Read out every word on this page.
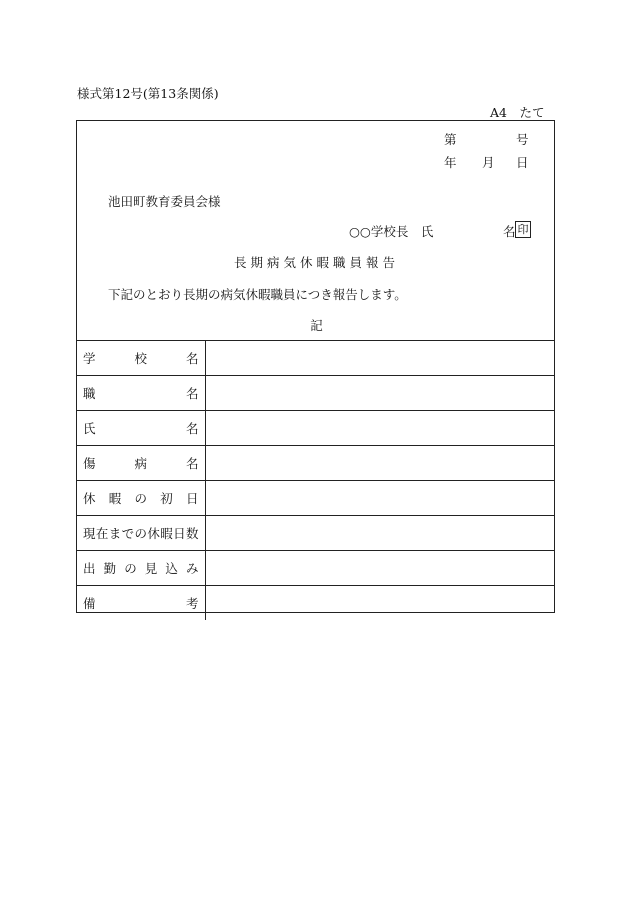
様式第12号(第13条関係)
A4　たて
第	号
年 月 日
池田町教育委員会様
○○学校長　氏	名 印
長期病気休暇職員報告
下記のとおり長期の病気休暇職員につき報告します。
記
学校名	

職名	

氏名	

傷病名	

休暇の初日	

現在までの休暇日数	

出勤の見込み	

備考	
